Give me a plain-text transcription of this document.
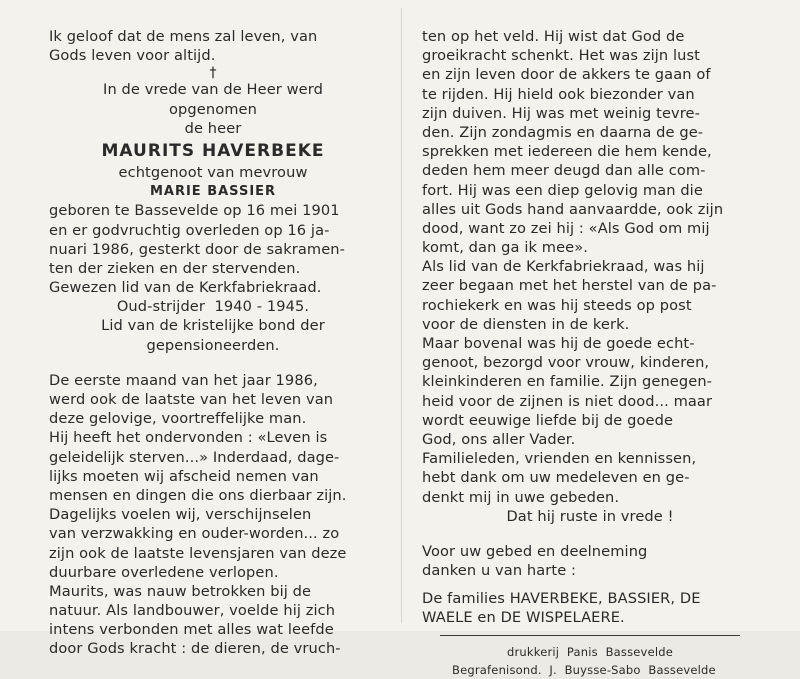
Ik geloof dat de mens zal leven, van
Gods leven voor altijd.
†
In de vrede van de Heer werd
opgenomen
de heer
MAURITS HAVERBEKE
echtgenoot van mevrouw
MARIE BASSIER
geboren te Bassevelde op 16 mei 1901
en er godvruchtig overleden op 16 ja-
nuari 1986, gesterkt door de sakramen-
ten der zieken en der stervenden.
Gewezen lid van de Kerkfabriekraad.
Oud-strijder  1940 - 1945.
Lid van de kristelijke bond der
gepensioneerden.
De eerste maand van het jaar 1986,
werd ook de laatste van het leven van
deze gelovige, voortreffelijke man.
Hij heeft het ondervonden : «Leven is
geleidelijk sterven...» Inderdaad, dage-
lijks moeten wij afscheid nemen van
mensen en dingen die ons dierbaar zijn.
Dagelijks voelen wij, verschijnselen
van verzwakking en ouder-worden... zo
zijn ook de laatste levensjaren van deze
duurbare overledene verlopen.
Maurits, was nauw betrokken bij de
natuur. Als landbouwer, voelde hij zich
intens verbonden met alles wat leefde
door Gods kracht : de dieren, de vruch-
ten op het veld. Hij wist dat God de
groeikracht schenkt. Het was zijn lust
en zijn leven door de akkers te gaan of
te rijden. Hij hield ook biezonder van
zijn duiven. Hij was met weinig tevre-
den. Zijn zondagmis en daarna de ge-
sprekken met iedereen die hem kende,
deden hem meer deugd dan alle com-
fort. Hij was een diep gelovig man die
alles uit Gods hand aanvaardde, ook zijn
dood, want zo zei hij : «Als God om mij
komt, dan ga ik mee».
Als lid van de Kerkfabriekraad, was hij
zeer begaan met het herstel van de pa-
rochiekerk en was hij steeds op post
voor de diensten in de kerk.
Maar bovenal was hij de goede echt-
genoot, bezorgd voor vrouw, kinderen,
kleinkinderen en familie. Zijn genegen-
heid voor de zijnen is niet dood... maar
wordt eeuwige liefde bij de goede
God, ons aller Vader.
Familieleden, vrienden en kennissen,
hebt dank om uw medeleven en ge-
denkt mij in uwe gebeden.
Dat hij ruste in vrede !
Voor uw gebed en deelneming
danken u van harte :
De families HAVERBEKE, BASSIER, DE
WAELE en DE WISPELAERE.
drukkerij  Panis  Bassevelde
Begrafenisond.  J.  Buysse-Sabo  Bassevelde
